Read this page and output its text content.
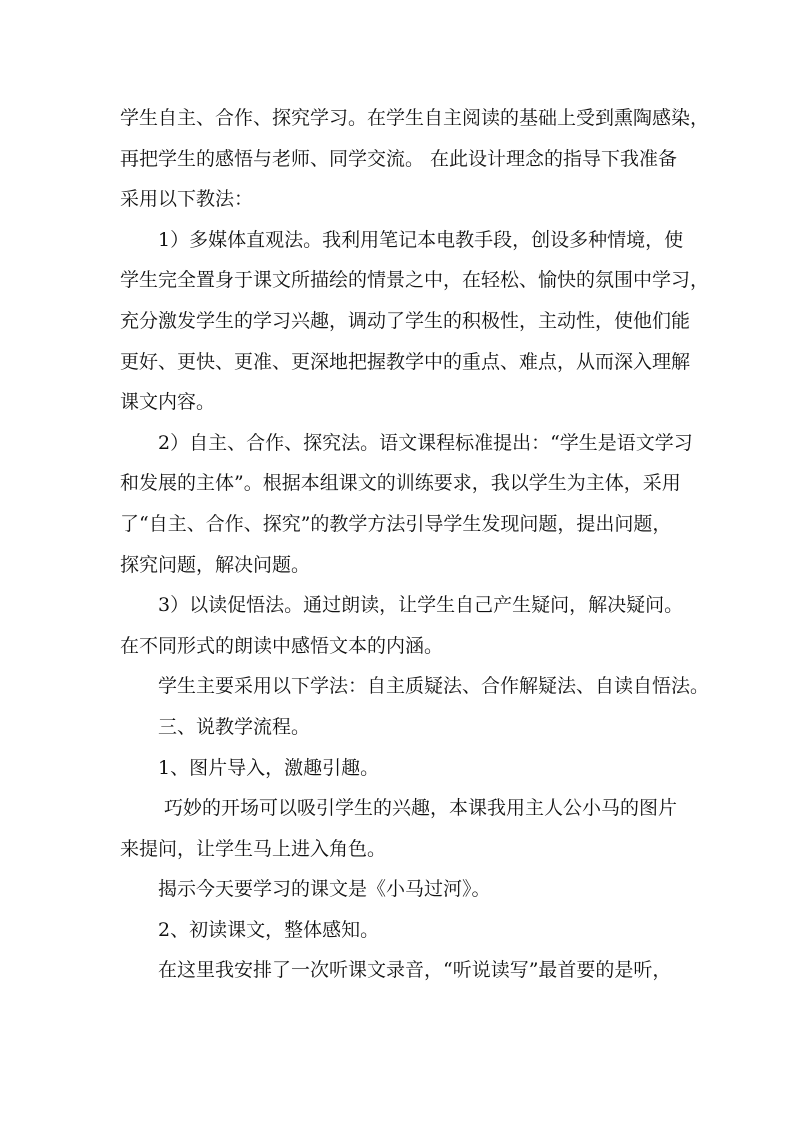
学生自主、合作、探究学习。在学生自主阅读的基础上受到熏陶感染，
再把学生的感悟与老师、同学交流。 在此设计理念的指导下我准备
采用以下教法：
1）多媒体直观法。我利用笔记本电教手段，创设多种情境，使
学生完全置身于课文所描绘的情景之中，在轻松、愉快的氛围中学习，
充分激发学生的学习兴趣，调动了学生的积极性，主动性，使他们能
更好、更快、更准、更深地把握教学中的重点、难点，从而深入理解
课文内容。
2）自主、合作、探究法。语文课程标准提出：“学生是语文学习
和发展的主体”。根据本组课文的训练要求，我以学生为主体，采用
了“自主、合作、探究”的教学方法引导学生发现问题，提出问题，
探究问题，解决问题。
3）以读促悟法。通过朗读，让学生自己产生疑问，解决疑问。
在不同形式的朗读中感悟文本的内涵。
学生主要采用以下学法：自主质疑法、合作解疑法、自读自悟法。
三、说教学流程。
1、图片导入，激趣引趣。
巧妙的开场可以吸引学生的兴趣，本课我用主人公小马的图片
来提问，让学生马上进入角色。
揭示今天要学习的课文是《小马过河》。
2、初读课文，整体感知。
在这里我安排了一次听课文录音，“听说读写”最首要的是听，
